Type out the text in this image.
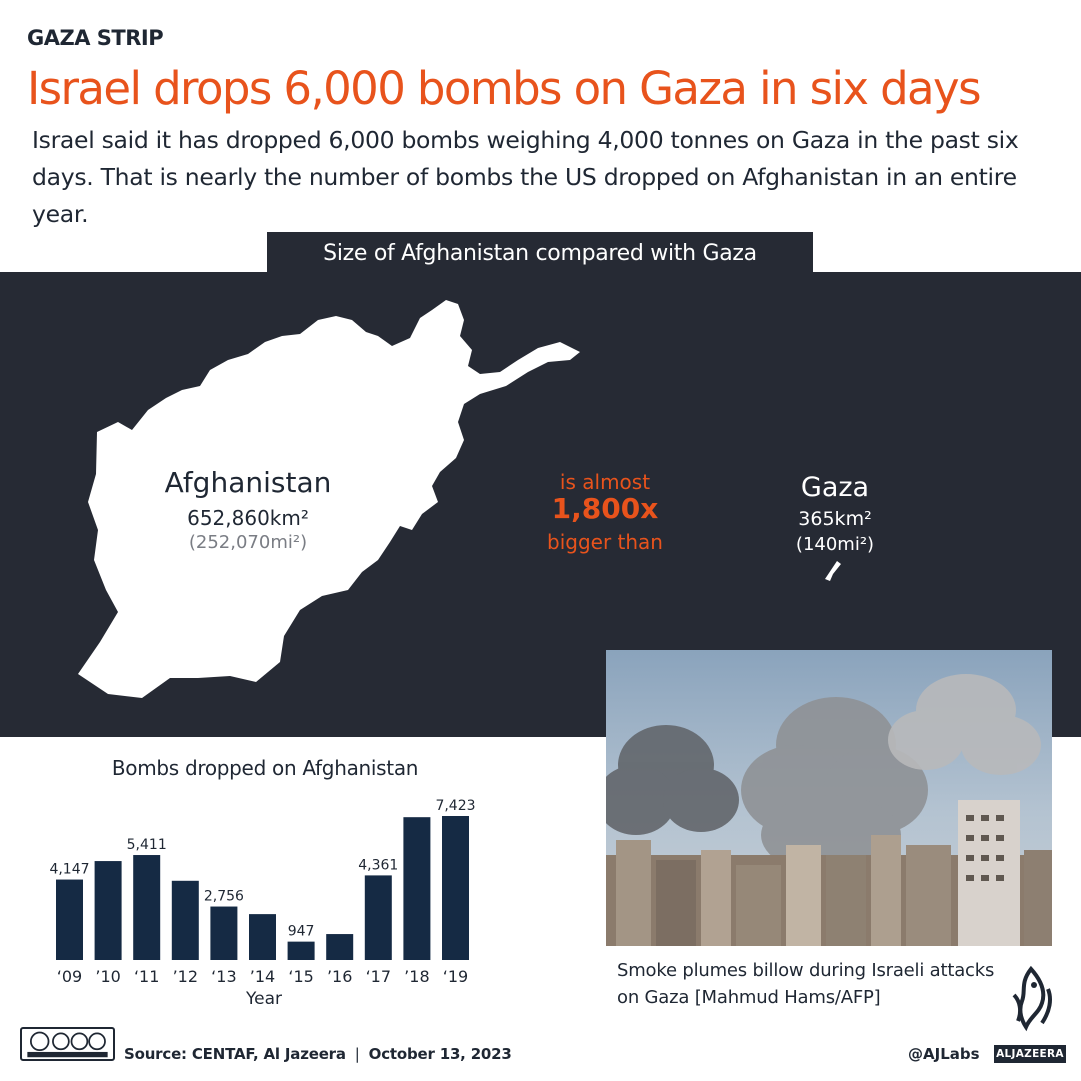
GAZA STRIP
Israel drops 6,000 bombs on Gaza in six days
Israel said it has dropped 6,000 bombs weighing 4,000 tonnes on Gaza in the past six days. That is nearly the number of bombs the US dropped on Afghanistan in an entire year.
Size of Afghanistan compared with Gaza
Afghanistan
652,860km²
(252,070mi²)
is almost
1,800x
bigger than
Gaza
365km²
(140mi²)
Bombs dropped on Afghanistan
4,147
‘09 ’10
5,411
‘11 ’12
2,756
‘13 ’14
947
‘15 ’16
4,361
‘17 ’18
7,423
‘19
Year
Smoke plumes billow during Israeli attacks on Gaza [Mahmud Hams/AFP]
Source: CENTAF, Al Jazeera | October 13, 2023	@AJLabs ALJAZEERA
